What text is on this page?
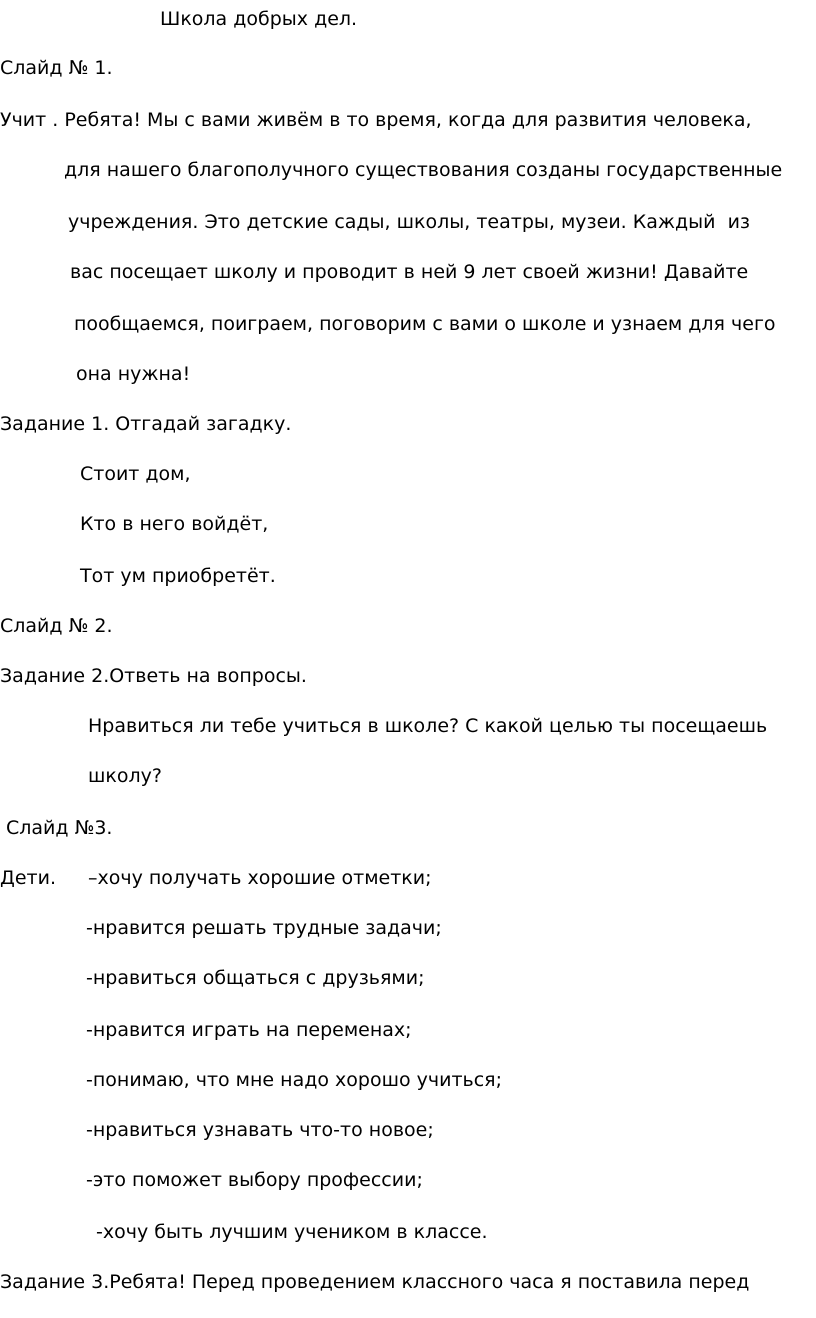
Школа добрых дел.
Слайд № 1.
Учит . Ребята! Мы с вами живём в то время, когда для развития человека,
для нашего благополучного существования созданы государственные
учреждения. Это детские сады, школы, театры, музеи. Каждый  из
вас посещает школу и проводит в ней 9 лет своей жизни! Давайте
пообщаемся, поиграем, поговорим с вами о школе и узнаем для чего
она нужна!
Задание 1. Отгадай загадку.
Стоит дом,
Кто в него войдёт,
Тот ум приобретёт.
Слайд № 2.
Задание 2.Ответь на вопросы.
Нравиться ли тебе учиться в школе? С какой целью ты посещаешь
школу?
Слайд №3.
Дети. –хочу получать хорошие отметки;
-нравится решать трудные задачи;
-нравиться общаться с друзьями;
-нравится играть на переменах;
-понимаю, что мне надо хорошо учиться;
-нравиться узнавать что-то новое;
-это поможет выбору профессии;
-хочу быть лучшим учеником в классе.
Задание 3.Ребята! Перед проведением классного часа я поставила перед
